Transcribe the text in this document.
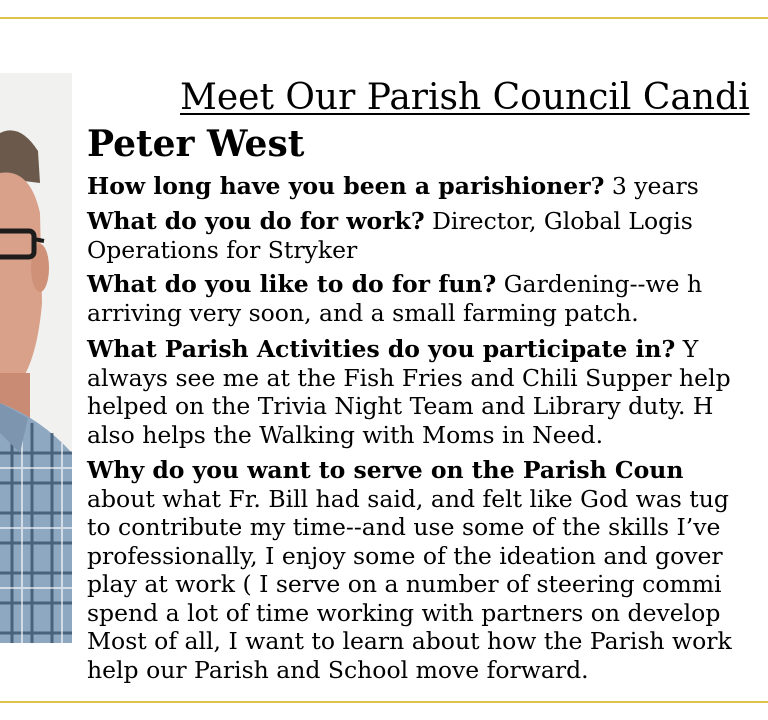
Meet Our Parish Council Candi
Peter West
How long have you been a parishioner? 3 years
What do you do for work? Director, Global Logis
Operations for Stryker
What do you like to do for fun? Gardening--we h
arriving very soon, and a small farming patch.
What Parish Activities do you participate in? Y
always see me at the Fish Fries and Chili Supper help
helped on the Trivia Night Team and Library duty. H
also helps the Walking with Moms in Need.
Why do you want to serve on the Parish Coun
about what Fr. Bill had said, and felt like God was tug
to contribute my time--and use some of the skills I’ve
professionally, I enjoy some of the ideation and gover
play at work ( I serve on a number of steering commi
spend a lot of time working with partners on develop
Most of all, I want to learn about how the Parish work
help our Parish and School move forward.
